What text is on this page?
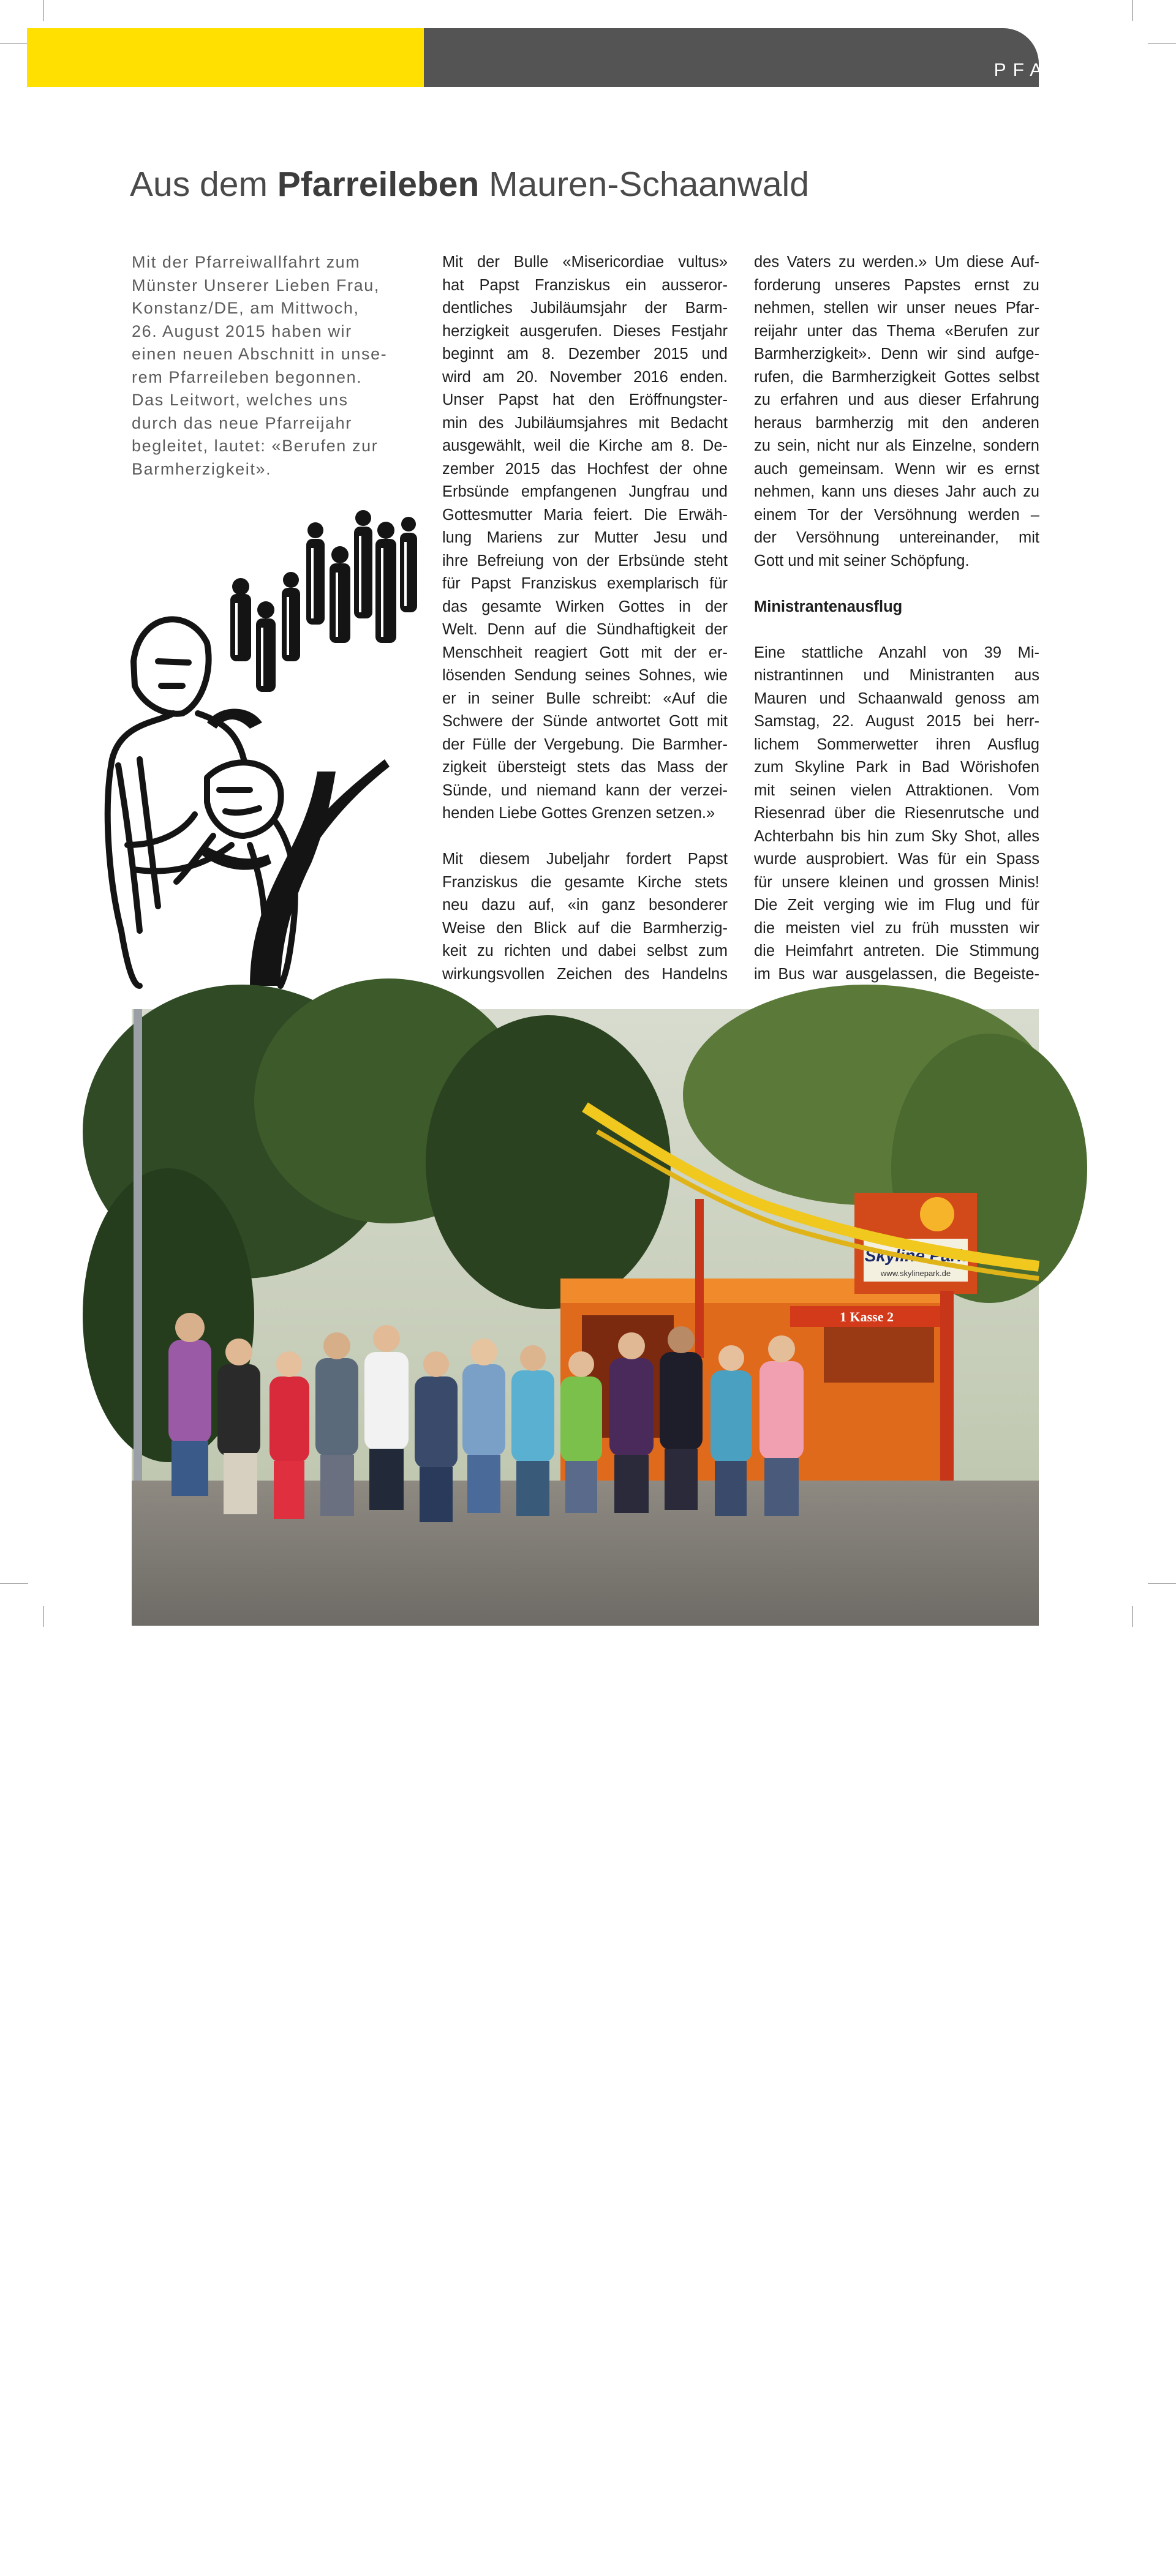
PFARREI
Aus dem Pfarreileben Mauren-Schaanwald
Mit der Pfarreiwallfahrt zum
Münster Unserer Lieben Frau,
Konstanz/DE, am Mittwoch,
26. August 2015 haben wir
einen neuen Abschnitt in unse-
rem Pfarreileben begonnen.
Das Leitwort, welches uns
durch das neue Pfarreijahr
begleitet, lautet: «Berufen zur
Barmherzigkeit».

Mit der Bulle «Misericordiae vultus»
hat Papst Franziskus ein ausseror-
dentliches Jubiläumsjahr der Barm-
herzigkeit ausgerufen. Dieses Festjahr
beginnt am 8. Dezember 2015 und
wird am 20. November 2016 enden.
Unser Papst hat den Eröffnungster-
min des Jubiläumsjahres mit Bedacht
ausgewählt, weil die Kirche am 8. De-
zember 2015 das Hochfest der ohne
Erbsünde empfangenen Jungfrau und
Gottesmutter Maria feiert. Die Erwäh-
lung Mariens zur Mutter Jesu und
ihre Befreiung von der Erbsünde steht
für Papst Franziskus exemplarisch für
das gesamte Wirken Gottes in der
Welt. Denn auf die Sündhaftigkeit der
Menschheit reagiert Gott mit der er-
lösenden Sendung seines Sohnes, wie
er in seiner Bulle schreibt: «Auf die
Schwere der Sünde antwortet Gott mit
der Fülle der Vergebung. Die Barmher-
zigkeit übersteigt stets das Mass der
Sünde, und niemand kann der verzei-
henden Liebe Gottes Grenzen setzen.»

Mit diesem Jubeljahr fordert Papst
Franziskus die gesamte Kirche stets
neu dazu auf, «in ganz besonderer
Weise den Blick auf die Barmherzig-
keit zu richten und dabei selbst zum
wirkungsvollen Zeichen des Handelns

des Vaters zu werden.» Um diese Auf-
forderung unseres Papstes ernst zu
nehmen, stellen wir unser neues Pfar-
reijahr unter das Thema «Berufen zur
Barmherzigkeit». Denn wir sind aufge-
rufen, die Barmherzigkeit Gottes selbst
zu erfahren und aus dieser Erfahrung
heraus barmherzig mit den anderen
zu sein, nicht nur als Einzelne, sondern
auch gemeinsam. Wenn wir es ernst
nehmen, kann uns dieses Jahr auch zu
einem Tor der Versöhnung werden –
der Versöhnung untereinander, mit
Gott und mit seiner Schöpfung.

Ministrantenausflug

Eine stattliche Anzahl von 39 Mi-
nistrantinnen und Ministranten aus
Mauren und Schaanwald genoss am
Samstag, 22. August 2015 bei herr-
lichem Sommerwetter ihren Ausflug
zum Skyline Park in Bad Wörishofen
mit seinen vielen Attraktionen. Vom
Riesenrad über die Riesenrutsche und
Achterbahn bis hin zum Sky Shot, alles
wurde ausprobiert. Was für ein Spass
für unsere kleinen und grossen Minis!
Die Zeit verging wie im Flug und für
die meisten viel zu früh mussten wir
die Heimfahrt antreten. Die Stimmung
im Bus war ausgelassen, die Begeiste-

1 Kasse 2
Skyline Park
www.skylinepark.de
69
